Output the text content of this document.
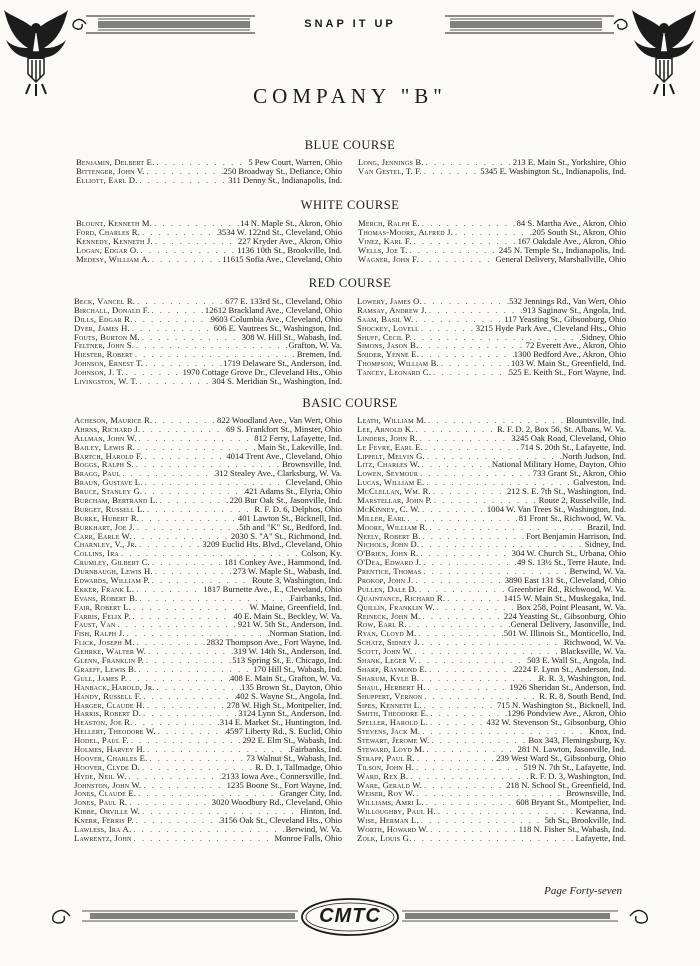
SNAP IT UP
COMPANY "B"
BLUE COURSE
Benjamin, Delbert E. . . .	5 Pew Court, Warren, Ohio
Bittenger, John V. . . .	250 Broadway St., Defiance, Ohio
Elliott, Earl D. . . .	311 Denny St., Indianapolis, Ind.
Long, Jennings B. . . .	213 E. Main St., Yorkshire, Ohio
Van Gestel, T. F. . . .	5345 E. Washington St., Indianapolis, Ind.
WHITE COURSE
Blount, Kenneth M. . . .	14 N. Maple St., Akron, Ohio
Ford, Charles R. . . .	3534 W. 122nd St., Cleveland, Ohio
Kennedy, Kenneth J. . . .	227 Kryder Ave., Akron, Ohio
Logan, Edgar O. . . .	1136 10th St., Brookville, Ind.
Medesy, William A. . . .	11615 Sofia Ave., Cleveland, Ohio
Merch, Ralph E. . . .	84 S. Martha Ave., Akron, Ohio
Thomas-Moore, Alfred J. . . .	205 South St., Akron, Ohio
Vinez, Karl F. . . .	167 Oakdale Ave., Akron, Ohio
Wells, Joe T. . . .	245 N. Temple St., Indianapolis, Ind.
Wagner, John F. . . .	General Delivery, Marshallville, Ohio
RED COURSE
Beck, Vancel R. . . .	677 E. 133rd St., Cleveland, Ohio
Birchall, Donald F. . . .	12612 Brackland Ave., Cleveland, Ohio
Dills, Edgar R. . . .	9603 Columbia Ave., Cleveland, Ohio
Dyer, James H. . . .	606 E. Vautrees St., Washington, Ind.
Fouts, Burton M. . . .	308 W. Hill St., Wabash, Ind.
Feltner, John S. . . .	Grafton, W. Va.
Hiester, Robert . . .	Bremen, Ind.
Johnson, Ernest T. . . .	1719 Delaware St., Anderson, Ind.
Johnson, J. T. . . .	1970 Cottage Grove Dr., Cleveland Hts., Ohio
Livingston, W. T. . . .	304 S. Meridian St., Washington, Ind.
Lowery, James O. . . .	532 Jennings Rd., Van Wert, Ohio
Ramsay, Andrew J. . . .	913 Saginaw St., Angola, Ind.
Saam, Basil W. . . .	117 Yeasting St., Gibsonburg, Ohio
Shockey, Lovell . . .	3215 Hyde Park Ave., Cleveland Hts., Ohio
Shuff, Cecil P. . . .	Sidney, Ohio
Simons, Jason B. . . .	72 Everett Ave., Akron, Ohio
Snider, Yenne E. . . .	1300 Bedford Ave., Akron, Ohio
Thompson, William B. . . .	103 W. Main St., Greenfield, Ind.
Tancey, Leonard C. . . .	525 E. Keith St., Fort Wayne, Ind.
BASIC COURSE
Acheson, Maurice R. . . .	822 Woodland Ave., Van Wert, Ohio
Ahrns, Richard J. . . .	69 S. Frankfort St., Minster, Ohio
Allman, John W. . . .	812 Ferry, Lafayette, Ind.
Bailey, Lewis R. . . .	Main St., Lakeville, Ind.
Bartch, Harold F. . . .	4014 Trent Ave., Cleveland, Ohio
Boggs, Ralph S. . . .	Brownsville, Ind.
Bragg, Paul . . .	312 Stealey Ave., Clarksburg, W. Va.
Braun, Gustave L. . . .	Cleveland, Ohio
Bruce, Stanley G. . . .	421 Adams St., Elyria, Ohio
Burcham, Bertrand L. . . .	220 Bur Oak St., Jasonville, Ind.
Burget, Russell L. . . .	R. F. D. 6, Delphos, Ohio
Burke, Hubert R. . . .	401 Lawton St., Bicknell, Ind.
Burkhart, Joe J. . . .	5th and "K" St., Bedford, Ind.
Carr, Earle W. . . .	2030 S. "A" St., Richmond, Ind.
Charnley, V., Jr. . . .	3209 Euclid Hts. Blvd., Cleveland, Ohio
Collins, Ira . . .	Colson, Ky.
Crumley, Gilbert C. . . .	181 Conkey Ave., Hammond, Ind.
Durnbaugh, Lewis H. . . .	273 W. Maple St., Wabash, Ind.
Edwards, William P. . . .	Route 3, Washington, Ind.
Ekker, Frank L. . . .	1817 Burnette Ave., E., Cleveland, Ohio
Evans, Robert B. . . .	Fairbanks, Ind.
Fair, Robert L. . . .	W. Maine, Greenfield, Ind.
Farris, Felix P. . . .	40 E. Main St., Beckley, W. Va.
Faust, Van . . .	921 W. 5th St., Anderson, Ind.
Fish, Ralph J. . . .	Norman Station, Ind.
Flick, Joseph M. . . .	2832 Thompson Ave., Fort Wayne, Ind.
Gehrke, Walter W. . . .	319 W. 14th St., Anderson, Ind.
Glenn, Franklin P. . . .	513 Spring St., E. Chicago, Ind.
Graeff, Lewis B. . . .	170 Hill St., Wabash, Ind.
Gull, James P. . . .	408 E. Main St., Grafton, W. Va.
Hanback, Harold, Jr. . . .	135 Brown St., Dayton, Ohio
Handy, Russell F. . . .	402 S. Wayne St., Angola, Ind.
Harger, Claude H. . . .	278 W. High St., Montpelier, Ind.
Harris, Robert D. . . .	3124 Lynn St., Anderson, Ind.
Heaston, Joe R. . . .	314 E. Market St., Huntington, Ind.
Hellert, Theodore W. . . .	4597 Liberty Rd., S. Euclid, Ohio
Hodel, Paul F. . . .	292 E. Elm St., Wabash, Ind.
Holmes, Harvey H. . . .	Fairbanks, Ind.
Hoover, Charles E. . . .	73 Walnut St., Wabash, Ind.
Hoover, Clyde D. . . .	R. D. 1, Tallmadge, Ohio
Hyde, Neil W. . . .	2133 Iowa Ave., Connersville, Ind.
Johnston, John W. . . .	1235 Boone St., Fort Wayne, Ind.
Jones, Claude E. . . .	Granger City, Ind.
Jones, Paul R. . . .	3020 Woodbury Rd., Cleveland, Ohio
Kibbe, Orville W. . . .	Hinton, Ind.
Knerr, Ferris P. . . .	3156 Oak St., Cleveland Hts., Ohio
Lawless, Ira A. . . .	Berwind, W. Va.
Lawrentz, John . . .	Monroe Falls, Ohio
Leath, William M. . . .	Blountsville, Ind.
Lee, Arnold K. . . .	R. F. D. 2, Box 56, St. Albans, W. Va.
Linders, John R. . . .	3245 Oak Road, Cleveland, Ohio
Le Fevre, Earl E. . . .	714 S. 20th St., Lafayette, Ind.
Lippelt, Melvin G. . . .	North Judson, Ind.
Litz, Charles W. . . .	National Military Home, Dayton, Ohio
Lowen, Seymour . . .	733 Grant St., Akron, Ohio
Lucas, William E. . . .	Galveston, Ind.
McClellan, Wm. R. . . .	212 S. E. 7th St., Washington, Ind.
Marstellar, John P. . . .	Route 2, Russelville, Ind.
McKinney, C. W. . . .	1004 W. Van Trees St., Washington, Ind.
Miller, Earl . . .	81 Front St., Richwood, W. Va.
Moore, William R. . . .	Brazil, Ind.
Neely, Robert B. . . .	Fort Benjamin Harrison, Ind.
Nichols, John D. . . .	Sidney, Ind.
O'Brien, John R. . . .	304 W. Church St., Urbana, Ohio
O'Dea, Edward J. . . .	49 S. 13½ St., Terre Haute, Ind.
Prentice, Thomas . . .	Berwind, W. Va.
Prokop, John J. . . .	3890 East 131 St., Cleveland, Ohio
Pullen, Dale D. . . .	Greenbrier Rd., Richwood, W. Va.
Quaintance, Richard R. . . .	1415 W. Main St., Muskegaka, Ind.
Quillin, Franklin W. . . .	Box 258, Point Pleasant, W. Va.
Reineck, John M. . . .	224 Yeasting St., Gibsonburg, Ohio
Row, Earl R. . . .	General Delivery, Jasonville, Ind.
Ryan, Cloyd M. . . .	501 W. Illinois St., Monticello, Ind.
Schatz, Sidney J. . . .	Richwood, W. Va.
Scott, John W. . . .	Blacksville, W. Va.
Shank, Leger V. . . .	503 E. Wall St., Angola, Ind.
Sharp, Raymond E. . . .	2224 F. Lynn St., Anderson, Ind.
Sharum, Kyle B. . . .	R. R. 3, Washington, Ind.
Shaul, Herbert H. . . .	1926 Sheridan St., Anderson, Ind.
Shuppert, Vernon . . .	R. R. 8, South Bend, Ind.
Sipes, Kenneth L. . . .	715 N. Washington St., Bicknell, Ind.
Smith, Theodore E. . . .	1296 Pondview Ave., Akron, Ohio
Speller, Harold L. . . .	432 W. Stevenson St., Gibsonburg, Ohio
Stevens, Jack M. . . .	Knox, Ind.
Stewart, Jerome W. . . .	Box 343, Flemingsburg, Ky.
Steward, Loyd M. . . .	281 N. Lawton, Jasonville, Ind.
Strapp, Paul R. . . .	239 West Ward St., Gibsonburg, Ohio
Tilson, John H. . . .	519 N. 7th St., Lafayette, Ind.
Ward, Rex B. . . .	R. F. D. 3, Washington, Ind.
Ware, Gerald W. . . .	218 N. School St., Greenfield, Ind.
Weiser, Roy W. . . .	Brownsville, Ind.
Williams, Amri L. . . .	608 Bryant St., Montpelier, Ind.
Willoughby, Paul H. . . .	Kewanna, Ind.
Wise, Herman L. . . .	5th St., Brookville, Ind.
Worth, Howard W. . . .	118 N. Fisher St., Wabash, Ind.
Zolk, Louis G. . . .	Lafayette, Ind.
Page Forty-seven
CMTC
